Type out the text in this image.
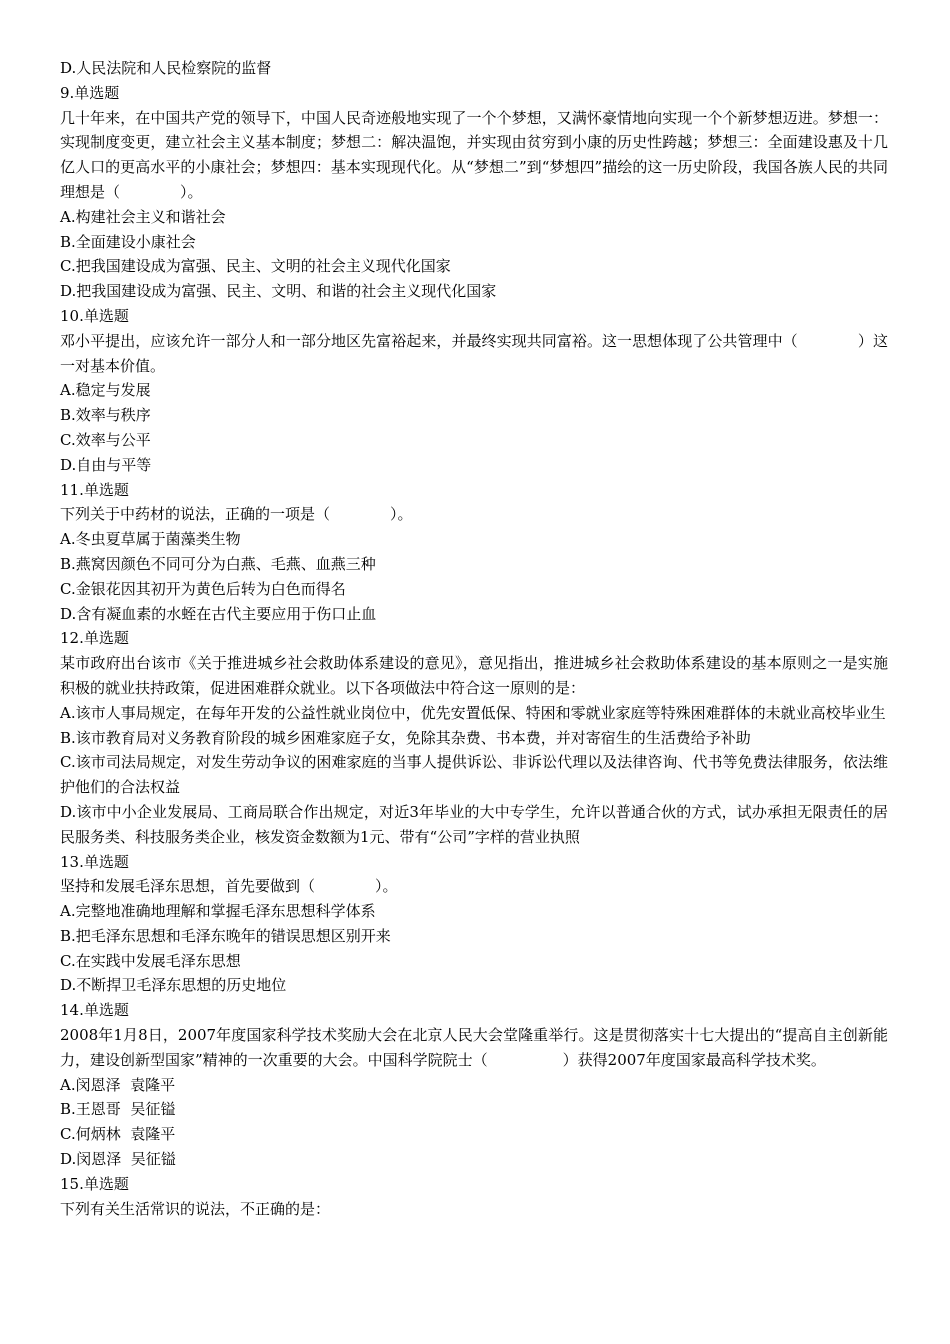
D.人民法院和人民检察院的监督

9.单选题

几十年来，在中国共产党的领导下，中国人民奇迹般地实现了一个个梦想，又满怀豪情地向实现一个个新梦想迈进。梦想一：实现制度变更，建立社会主义基本制度；梦想二：解决温饱，并实现由贫穷到小康的历史性跨越；梦想三：全面建设惠及十几亿人口的更高水平的小康社会；梦想四：基本实现现代化。从“梦想二”到“梦想四”描绘的这一历史阶段，我国各族人民的共同理想是（　　　　）。

A.构建社会主义和谐社会

B.全面建设小康社会

C.把我国建设成为富强、民主、文明的社会主义现代化国家

D.把我国建设成为富强、民主、文明、和谐的社会主义现代化国家

10.单选题

邓小平提出，应该允许一部分人和一部分地区先富裕起来，并最终实现共同富裕。这一思想体现了公共管理中（　　　　）这一对基本价值。

A.稳定与发展

B.效率与秩序

C.效率与公平

D.自由与平等

11.单选题

下列关于中药材的说法，正确的一项是（　　　　）。

A.冬虫夏草属于菌藻类生物

B.燕窝因颜色不同可分为白燕、毛燕、血燕三种

C.金银花因其初开为黄色后转为白色而得名

D.含有凝血素的水蛭在古代主要应用于伤口止血

12.单选题

某市政府出台该市《关于推进城乡社会救助体系建设的意见》，意见指出，推进城乡社会救助体系建设的基本原则之一是实施积极的就业扶持政策，促进困难群众就业。以下各项做法中符合这一原则的是：

A.该市人事局规定，在每年开发的公益性就业岗位中，优先安置低保、特困和零就业家庭等特殊困难群体的未就业高校毕业生

B.该市教育局对义务教育阶段的城乡困难家庭子女，免除其杂费、书本费，并对寄宿生的生活费给予补助

C.该市司法局规定，对发生劳动争议的困难家庭的当事人提供诉讼、非诉讼代理以及法律咨询、代书等免费法律服务，依法维护他们的合法权益

D.该市中小企业发展局、工商局联合作出规定，对近3年毕业的大中专学生，允许以普通合伙的方式，试办承担无限责任的居民服务类、科技服务类企业，核发资金数额为1元、带有“公司”字样的营业执照

13.单选题

坚持和发展毛泽东思想，首先要做到（　　　　）。

A.完整地准确地理解和掌握毛泽东思想科学体系

B.把毛泽东思想和毛泽东晚年的错误思想区别开来

C.在实践中发展毛泽东思想

D.不断捍卫毛泽东思想的历史地位

14.单选题

2008年1月8日，2007年度国家科学技术奖励大会在北京人民大会堂隆重举行。这是贯彻落实十七大提出的“提高自主创新能力，建设创新型国家”精神的一次重要的大会。中国科学院院士（　　　　　）获得2007年度国家最高科学技术奖。

A.闵恩泽  袁隆平

B.王恩哥  吴征镒

C.何炳林  袁隆平

D.闵恩泽  吴征镒

15.单选题

下列有关生活常识的说法，不正确的是：
